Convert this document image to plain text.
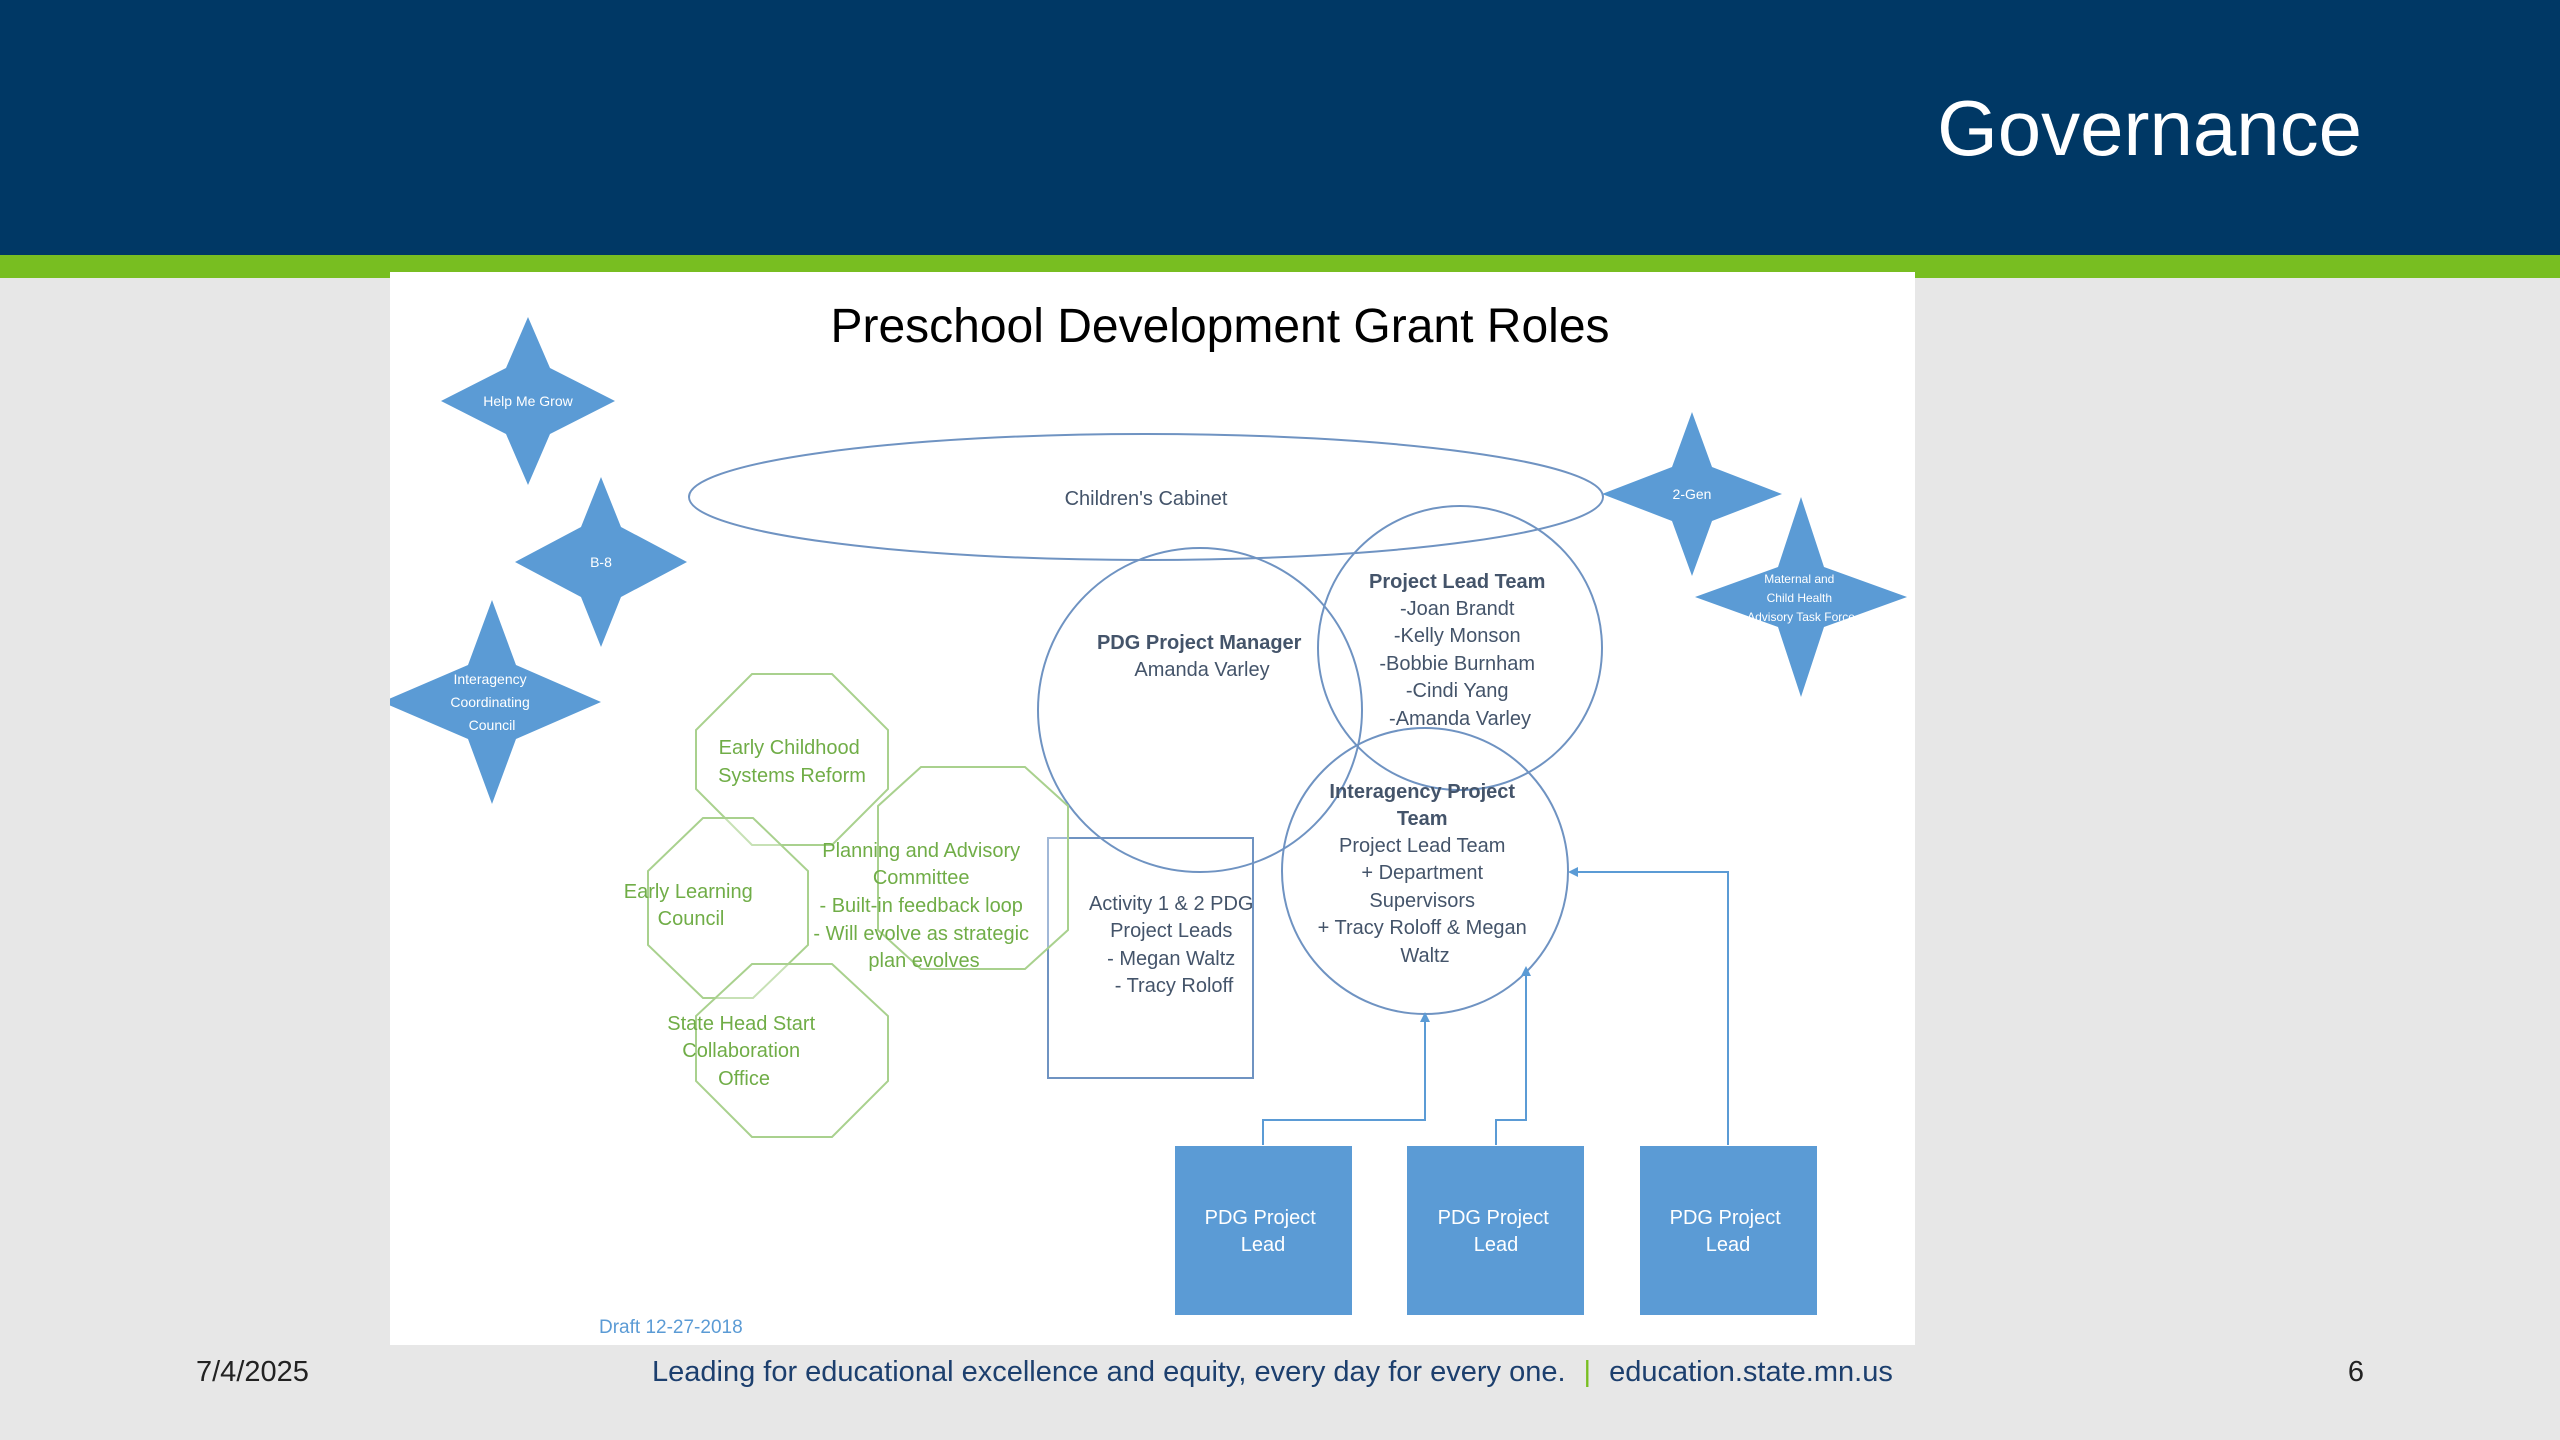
Governance
Preschool Development Grant Roles
Help Me Grow
B-8
Interagency Coordinating Council
2-Gen
Maternal and Child Health Advisory Task Force
Children's Cabinet
PDG Project Manager Amanda Varley
Project Lead Team -Joan Brandt -Kelly Monson -Bobbie Burnham -Cindi Yang -Amanda Varley
Interagency Project Team Project Lead Team + Department Supervisors + Tracy Roloff & Megan Waltz
Activity 1 & 2 PDG Project Leads - Megan Waltz - Tracy Roloff
Early Childhood Systems Reform
Early Learning Council
Planning and Advisory Committee - Built-in feedback loop - Will evolve as strategic plan evolves
State Head Start Collaboration Office
PDG Project Lead
PDG Project Lead
PDG Project Lead
Draft 12-27-2018
7/4/2025	Leading for educational excellence and equity, every day for every one. | education.state.mn.us	6
